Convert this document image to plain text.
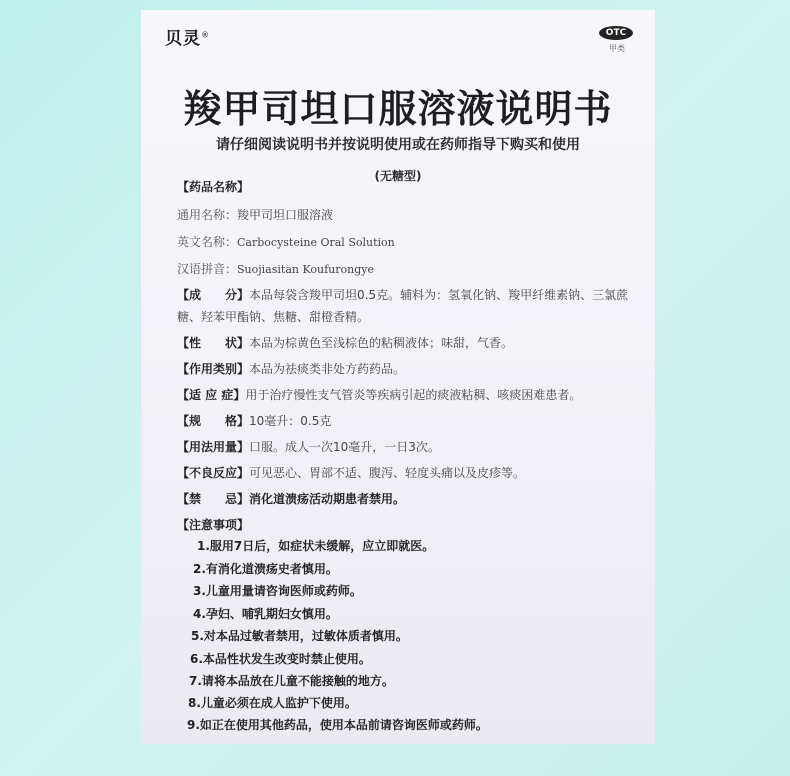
贝灵®	OTC
甲类
羧甲司坦口服溶液说明书
请仔细阅读说明书并按说明使用或在药师指导下购买和使用
(无糖型)
【药品名称】
通用名称：羧甲司坦口服溶液
英文名称：Carbocysteine Oral Solution
汉语拼音：Suojiasitan Koufurongye
【成　　分】本品每袋含羧甲司坦0.5克。辅料为：氢氧化钠、羧甲纤维素钠、三氯蔗糖、羟苯甲酯钠、焦糖、甜橙香精。
【性　　状】本品为棕黄色至浅棕色的粘稠液体；味甜，气香。
【作用类别】本品为祛痰类非处方药药品。
【适 应 症】用于治疗慢性支气管炎等疾病引起的痰液粘稠、咳痰困难患者。
【规　　格】10毫升：0.5克
【用法用量】口服。成人一次10毫升，一日3次。
【不良反应】可见恶心、胃部不适、腹泻、轻度头痛以及皮疹等。
【禁　　忌】消化道溃疡活动期患者禁用。
【注意事项】
1.服用7日后，如症状未缓解，应立即就医。
2.有消化道溃疡史者慎用。
3.儿童用量请咨询医师或药师。
4.孕妇、哺乳期妇女慎用。
5.对本品过敏者禁用，过敏体质者慎用。
6.本品性状发生改变时禁止使用。
7.请将本品放在儿童不能接触的地方。
8.儿童必须在成人监护下使用。
9.如正在使用其他药品，使用本品前请咨询医师或药师。
